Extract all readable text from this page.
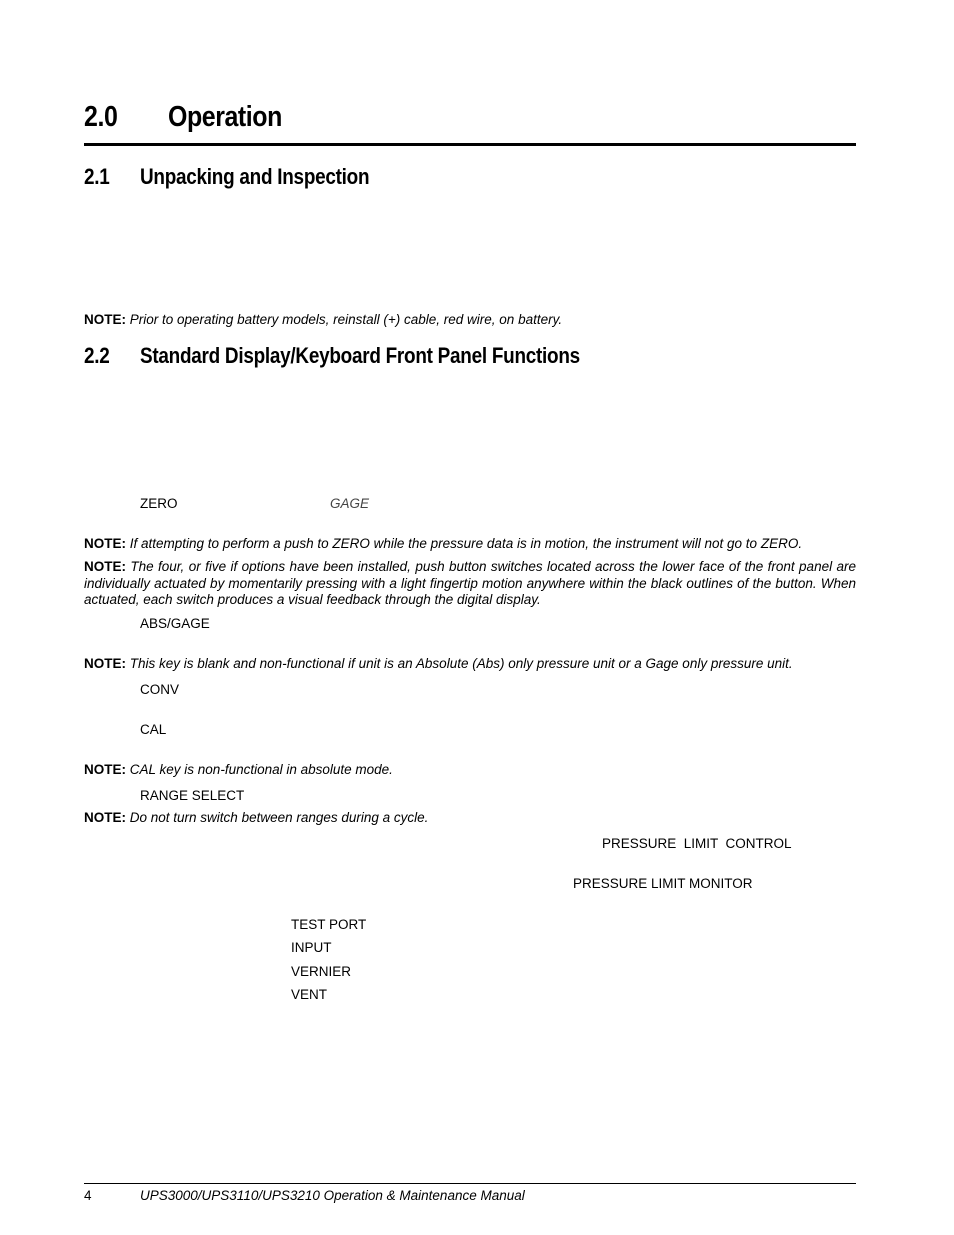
2.0 Operation
2.1 Unpacking and Inspection
NOTE: Prior to operating battery models, reinstall (+) cable, red wire, on battery.
2.2 Standard Display/Keyboard Front Panel Functions
ZERO	GAGE
NOTE: If attempting to perform a push to ZERO while the pressure data is in motion, the instrument will not go to ZERO.
NOTE: The four, or five if options have been installed, push button switches located across the lower face of the front panel are individually actuated by momentarily pressing with a light fingertip motion anywhere within the black outlines of the button. When actuated, each switch produces a visual feedback through the digital display.
ABS/GAGE
NOTE: This key is blank and non-functional if unit is an Absolute (Abs) only pressure unit or a Gage only pressure unit.
CONV
CAL
NOTE: CAL key is non-functional in absolute mode.
RANGE SELECT
NOTE: Do not turn switch between ranges during a cycle.
PRESSURE  LIMIT  CONTROL
PRESSURE LIMIT MONITOR
TEST PORT
INPUT
VERNIER
VENT
4	UPS3000/UPS3110/UPS3210 Operation & Maintenance Manual
